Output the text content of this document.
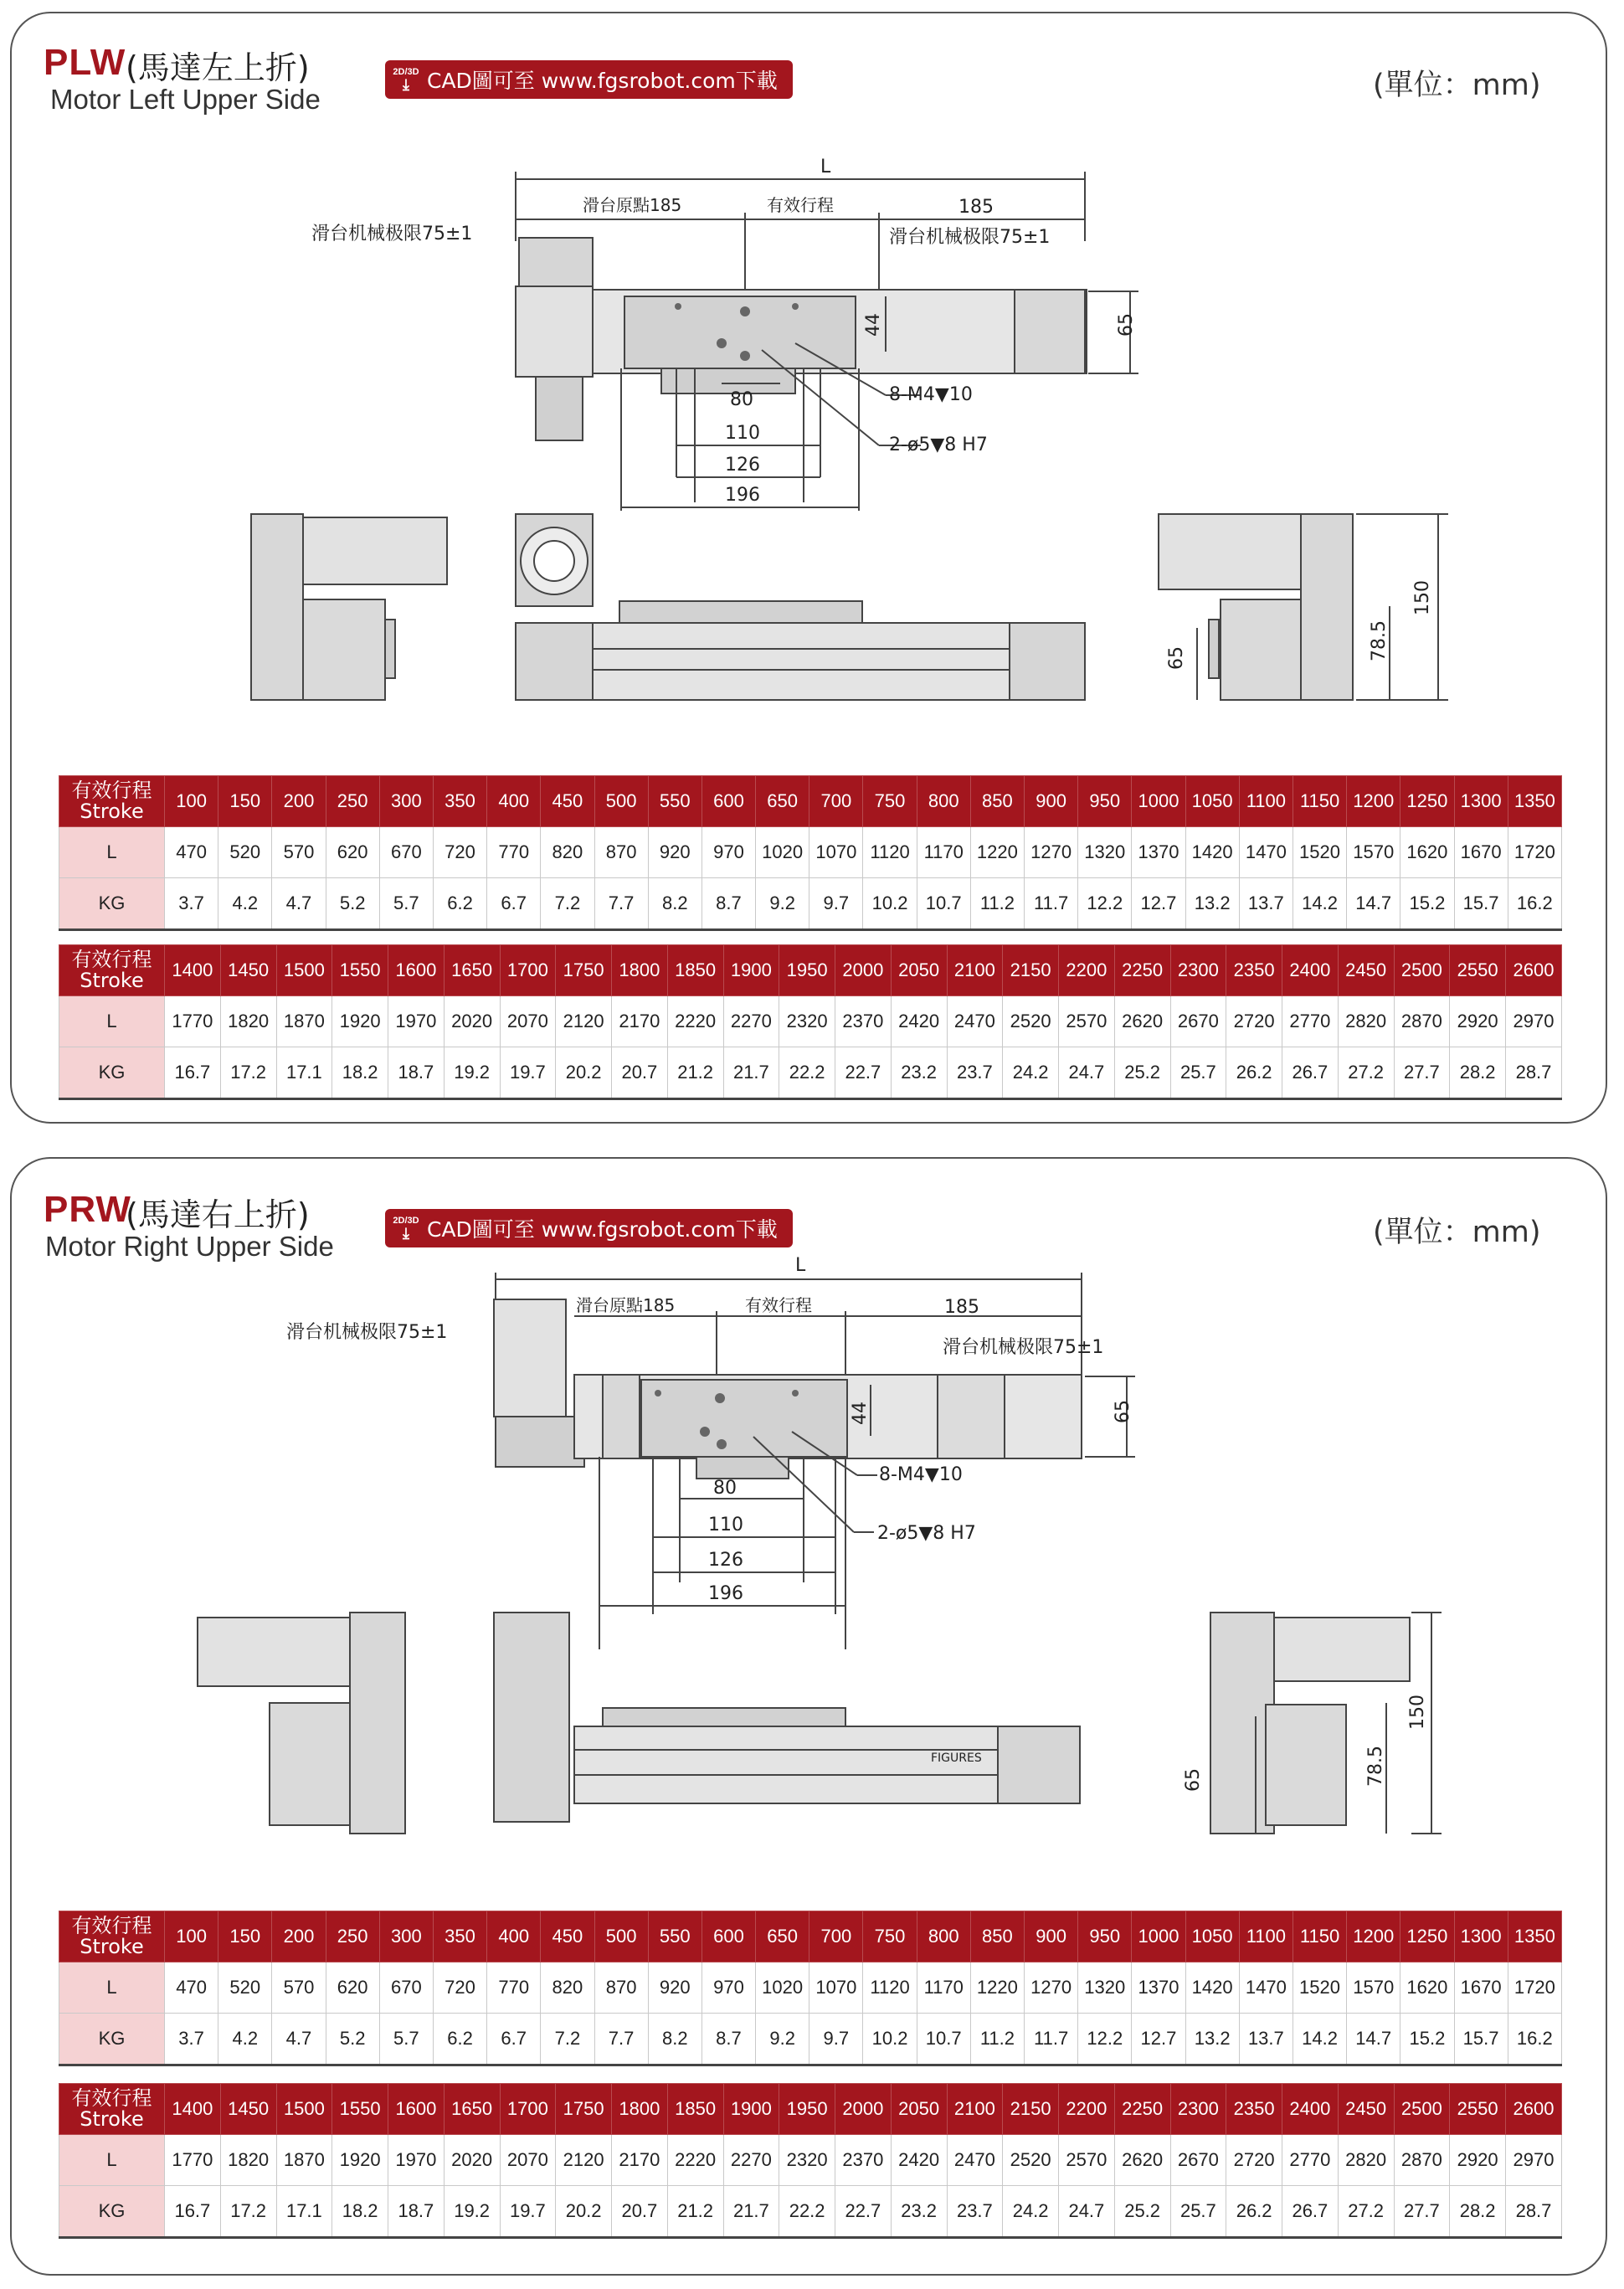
PLW (馬達左上折)
Motor Left Upper Side
2D/3D
⤓ CAD圖可至 www.fgsrobot.com下載	(單位：mm)
L
滑台原點185	有效行程	185
滑台机械极限75±1	滑台机械极限75±1
65
44
80
110
126
196
8-M4▼10
2-ø5▼8 H7
150
78.5
65
有效行程
Stroke	100	150	200	250	300	350	400	450	500	550	600	650	700	750	800	850	900	950	1000	1050	1100	1150	1200	1250	1300	1350
L	470	520	570	620	670	720	770	820	870	920	970	1020	1070	1120	1170	1220	1270	1320	1370	1420	1470	1520	1570	1620	1670	1720
KG	3.7	4.2	4.7	5.2	5.7	6.2	6.7	7.2	7.7	8.2	8.7	9.2	9.7	10.2	10.7	11.2	11.7	12.2	12.7	13.2	13.7	14.2	14.7	15.2	15.7	16.2
有效行程
Stroke	1400	1450	1500	1550	1600	1650	1700	1750	1800	1850	1900	1950	2000	2050	2100	2150	2200	2250	2300	2350	2400	2450	2500	2550	2600
L	1770	1820	1870	1920	1970	2020	2070	2120	2170	2220	2270	2320	2370	2420	2470	2520	2570	2620	2670	2720	2770	2820	2870	2920	2970
KG	16.7	17.2	17.1	18.2	18.7	19.2	19.7	20.2	20.7	21.2	21.7	22.2	22.7	23.2	23.7	24.2	24.7	25.2	25.7	26.2	26.7	27.2	27.7	28.2	28.7
PRW
(馬達右上折)
Motor Right Upper Side
2D/3D
⤓ CAD圖可至 www.fgsrobot.com下載	(單位：mm)
FIGURES
L
滑台原點185	有效行程	185
滑台机械极限75±1
滑台机械极限75±1
65
44
80
110
126
196
8-M4▼10
2-ø5▼8 H7
150
78.5
65
有效行程
Stroke	100	150	200	250	300	350	400	450	500	550	600	650	700	750	800	850	900	950	1000	1050	1100	1150	1200	1250	1300	1350
L	470	520	570	620	670	720	770	820	870	920	970	1020	1070	1120	1170	1220	1270	1320	1370	1420	1470	1520	1570	1620	1670	1720
KG	3.7	4.2	4.7	5.2	5.7	6.2	6.7	7.2	7.7	8.2	8.7	9.2	9.7	10.2	10.7	11.2	11.7	12.2	12.7	13.2	13.7	14.2	14.7	15.2	15.7	16.2
有效行程
Stroke	1400	1450	1500	1550	1600	1650	1700	1750	1800	1850	1900	1950	2000	2050	2100	2150	2200	2250	2300	2350	2400	2450	2500	2550	2600
L	1770	1820	1870	1920	1970	2020	2070	2120	2170	2220	2270	2320	2370	2420	2470	2520	2570	2620	2670	2720	2770	2820	2870	2920	2970
KG	16.7	17.2	17.1	18.2	18.7	19.2	19.7	20.2	20.7	21.2	21.7	22.2	22.7	23.2	23.7	24.2	24.7	25.2	25.7	26.2	26.7	27.2	27.7	28.2	28.7
